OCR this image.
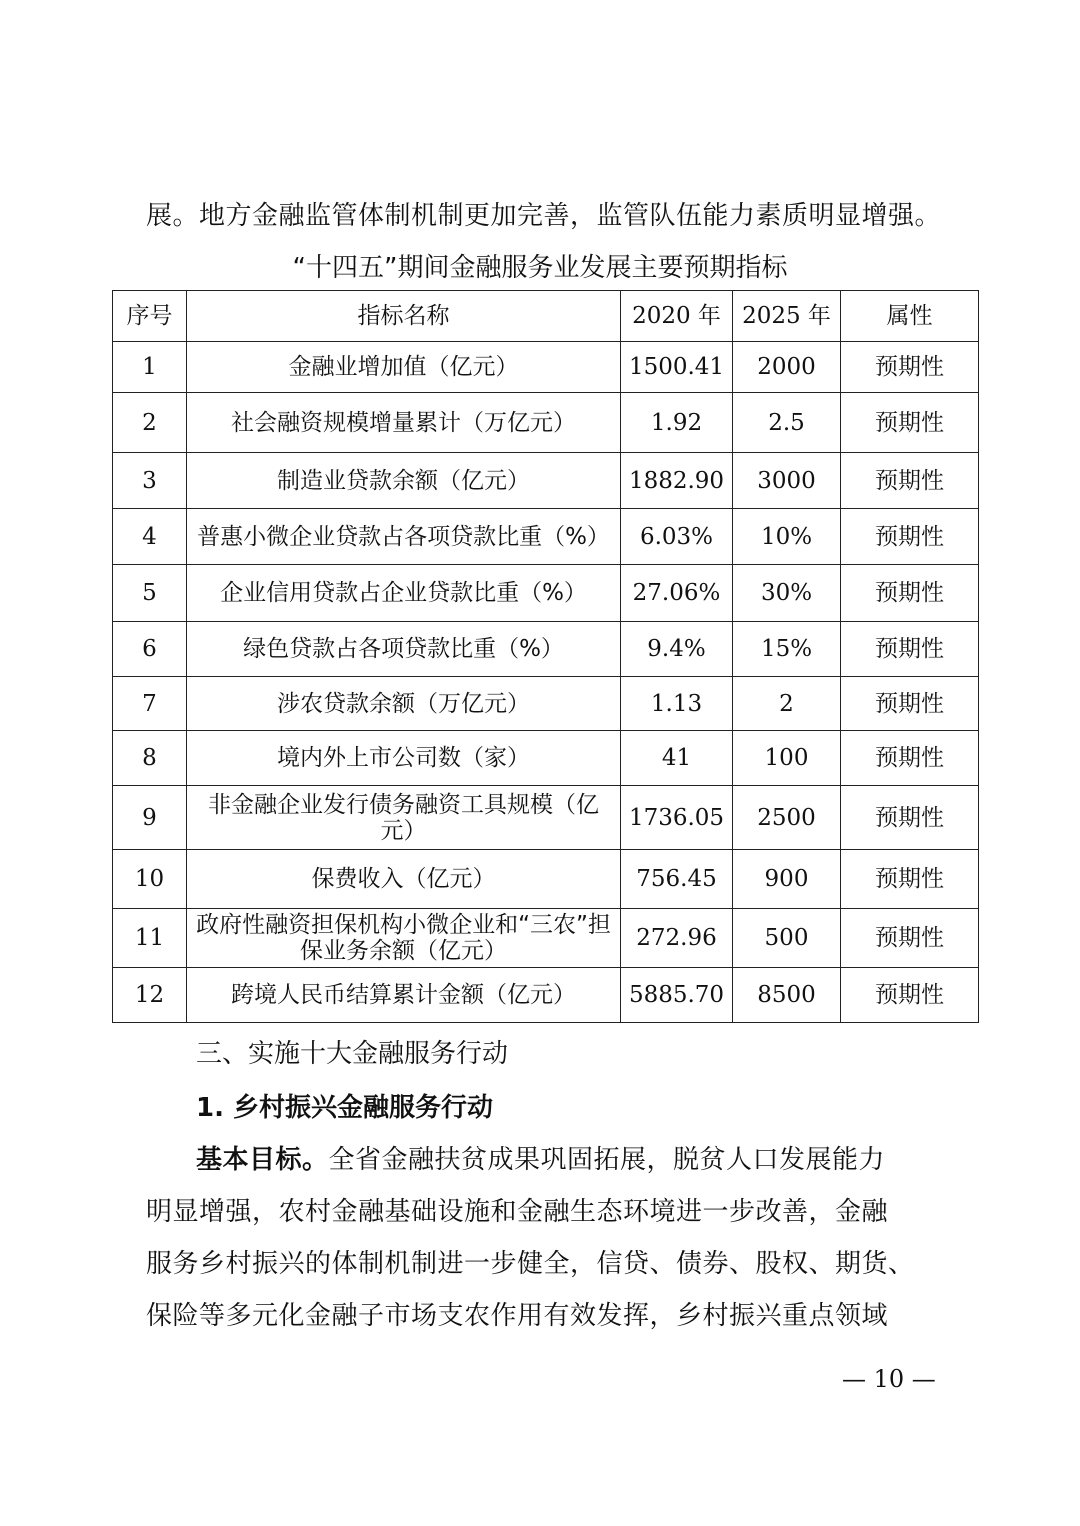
展。地方金融监管体制机制更加完善，监管队伍能力素质明显增强。
“十四五”期间金融服务业发展主要预期指标
序号	指标名称	2020 年	2025 年	属性
1	金融业增加值（亿元）	1500.41	2000	预期性
2	社会融资规模增量累计（万亿元）	1.92	2.5	预期性
3	制造业贷款余额（亿元）	1882.90	3000	预期性
4	普惠小微企业贷款占各项贷款比重（%）	6.03%	10%	预期性
5	企业信用贷款占企业贷款比重（%）	27.06%	30%	预期性
6	绿色贷款占各项贷款比重（%）	9.4%	15%	预期性
7	涉农贷款余额（万亿元）	1.13	2	预期性
8	境内外上市公司数（家）	41	100	预期性
9	非金融企业发行债务融资工具规模（亿元）	1736.05	2500	预期性
10	保费收入（亿元）	756.45	900	预期性
11	政府性融资担保机构小微企业和“三农”担保业务余额（亿元）	272.96	500	预期性
12	跨境人民币结算累计金额（亿元）	5885.70	8500	预期性
三、实施十大金融服务行动
1. 乡村振兴金融服务行动
基本目标。全省金融扶贫成果巩固拓展，脱贫人口发展能力
明显增强，农村金融基础设施和金融生态环境进一步改善，金融
服务乡村振兴的体制机制进一步健全，信贷、债券、股权、期货、
保险等多元化金融子市场支农作用有效发挥，乡村振兴重点领域
— 10 —
